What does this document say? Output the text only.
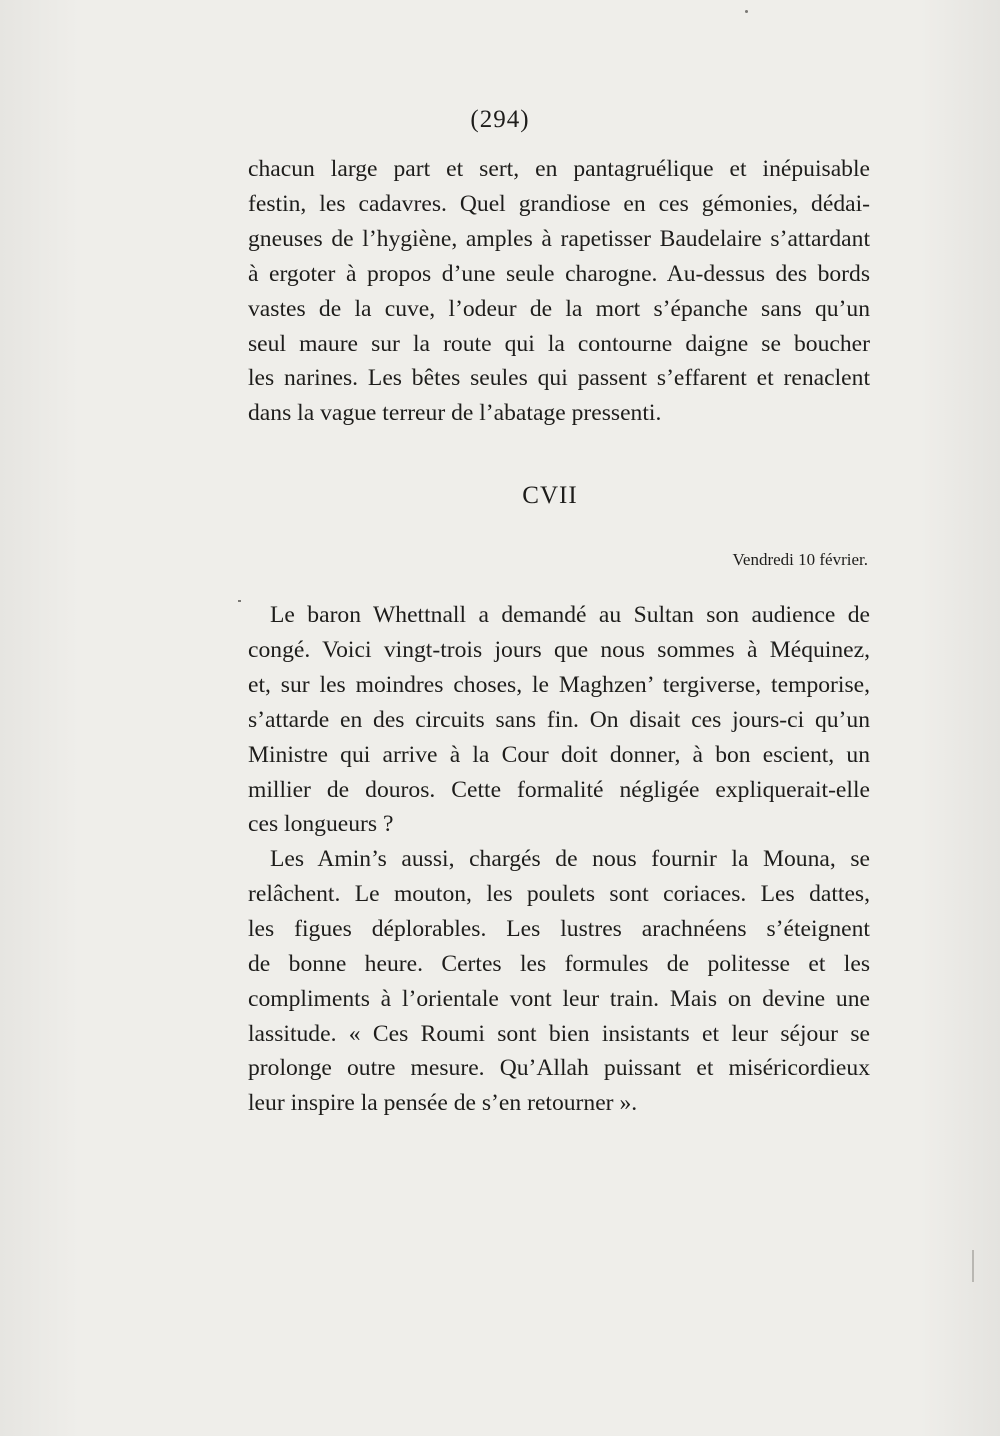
(294)

chacun large part et sert, en pantagruélique et inépuisable
festin, les cadavres. Quel grandiose en ces gémonies, dédai-
gneuses de l’hygiène, amples à rapetisser Baudelaire s’attardant
à ergoter à propos d’une seule charogne. Au-dessus des bords
vastes de la cuve, l’odeur de la mort s’épanche sans qu’un
seul maure sur la route qui la contourne daigne se boucher
les narines. Les bêtes seules qui passent s’effarent et renaclent
dans la vague terreur de l’abatage pressenti.

CVII
Vendredi 10 février.

Le baron Whettnall a demandé au Sultan son audience de
congé. Voici vingt-trois jours que nous sommes à Méquinez,
et, sur les moindres choses, le Maghzen’ tergiverse, temporise,
s’attarde en des circuits sans fin. On disait ces jours-ci qu’un
Ministre qui arrive à la Cour doit donner, à bon escient, un
millier de douros. Cette formalité négligée expliquerait-elle
ces longueurs ?

Les Amin’s aussi, chargés de nous fournir la Mouna, se
relâchent. Le mouton, les poulets sont coriaces. Les dattes,
les figues déplorables. Les lustres arachnéens s’éteignent
de bonne heure. Certes les formules de politesse et les
compliments à l’orientale vont leur train. Mais on devine une
lassitude. « Ces Roumi sont bien insistants et leur séjour se
prolonge outre mesure. Qu’Allah puissant et miséricordieux
leur inspire la pensée de s’en retourner ».
